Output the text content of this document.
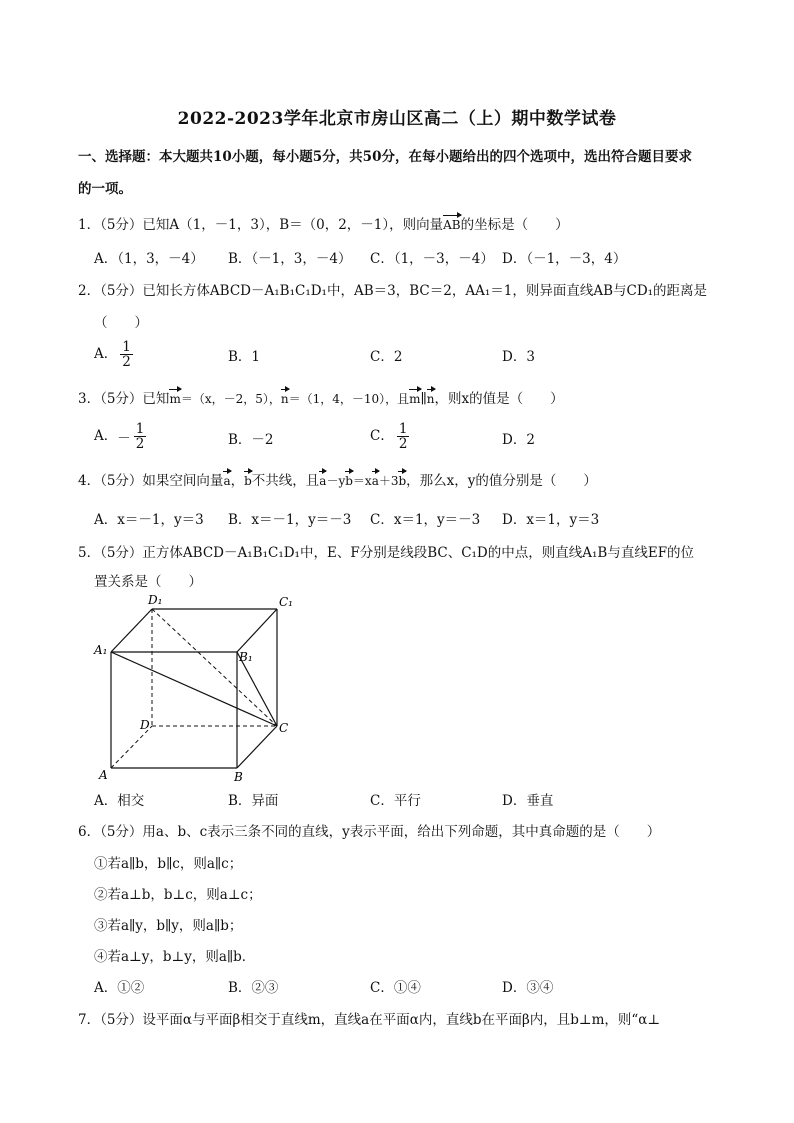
2022-2023学年北京市房山区高二（上）期中数学试卷
一、选择题：本大题共10小题，每小题5分，共50分，在每小题给出的四个选项中，选出符合题目要求
的一项。
1．（5分）已知A（1，－1，3），B＝（0，2，－1），则向量AB的坐标是（　　）
A．（1，3，－4） B．（－1，3，－4） C．（1，－3，－4） D．（－1，－3，4）
2．（5分）已知长方体ABCD－A₁B₁C₁D₁中，AB＝3，BC＝2，AA₁＝1，则异面直线AB与CD₁的距离是
（　　）
A． $\frac{1}{2}$	B．1	C．2	D．3
3．（5分）已知m＝（x，－2，5），n＝（1，4，－10），且m∥n，则x的值是（　　）
A．－ $\frac{1}{2}$	B．－2	C． $\frac{1}{2}$	D．2
4．（5分）如果空间向量a，b不共线，且a－yb＝xa＋3b，那么x，y的值分别是（　　）
A．x＝－1，y＝3 B．x＝－1，y＝－3 C．x＝1，y＝－3 D．x＝1，y＝3
5．（5分）正方体ABCD－A₁B₁C₁D₁中，E、F分别是线段BC、C₁D的中点，则直线A₁B与直线EF的位
置关系是（　　）
D₁	C₁
A₁	B₁
D	C
A	B
A．相交	B．异面	C．平行	D．垂直
6．（5分）用a、b、c表示三条不同的直线，y表示平面，给出下列命题，其中真命题的是（　　）
①若a∥b，b∥c，则a∥c；
②若a⊥b，b⊥c，则a⊥c；
③若a∥y，b∥y，则a∥b；
④若a⊥y，b⊥y，则a∥b．
A．①②	B．②③	C．①④	D．③④
7．（5分）设平面α与平面β相交于直线m，直线a在平面α内，直线b在平面β内，且b⊥m，则“α⊥
